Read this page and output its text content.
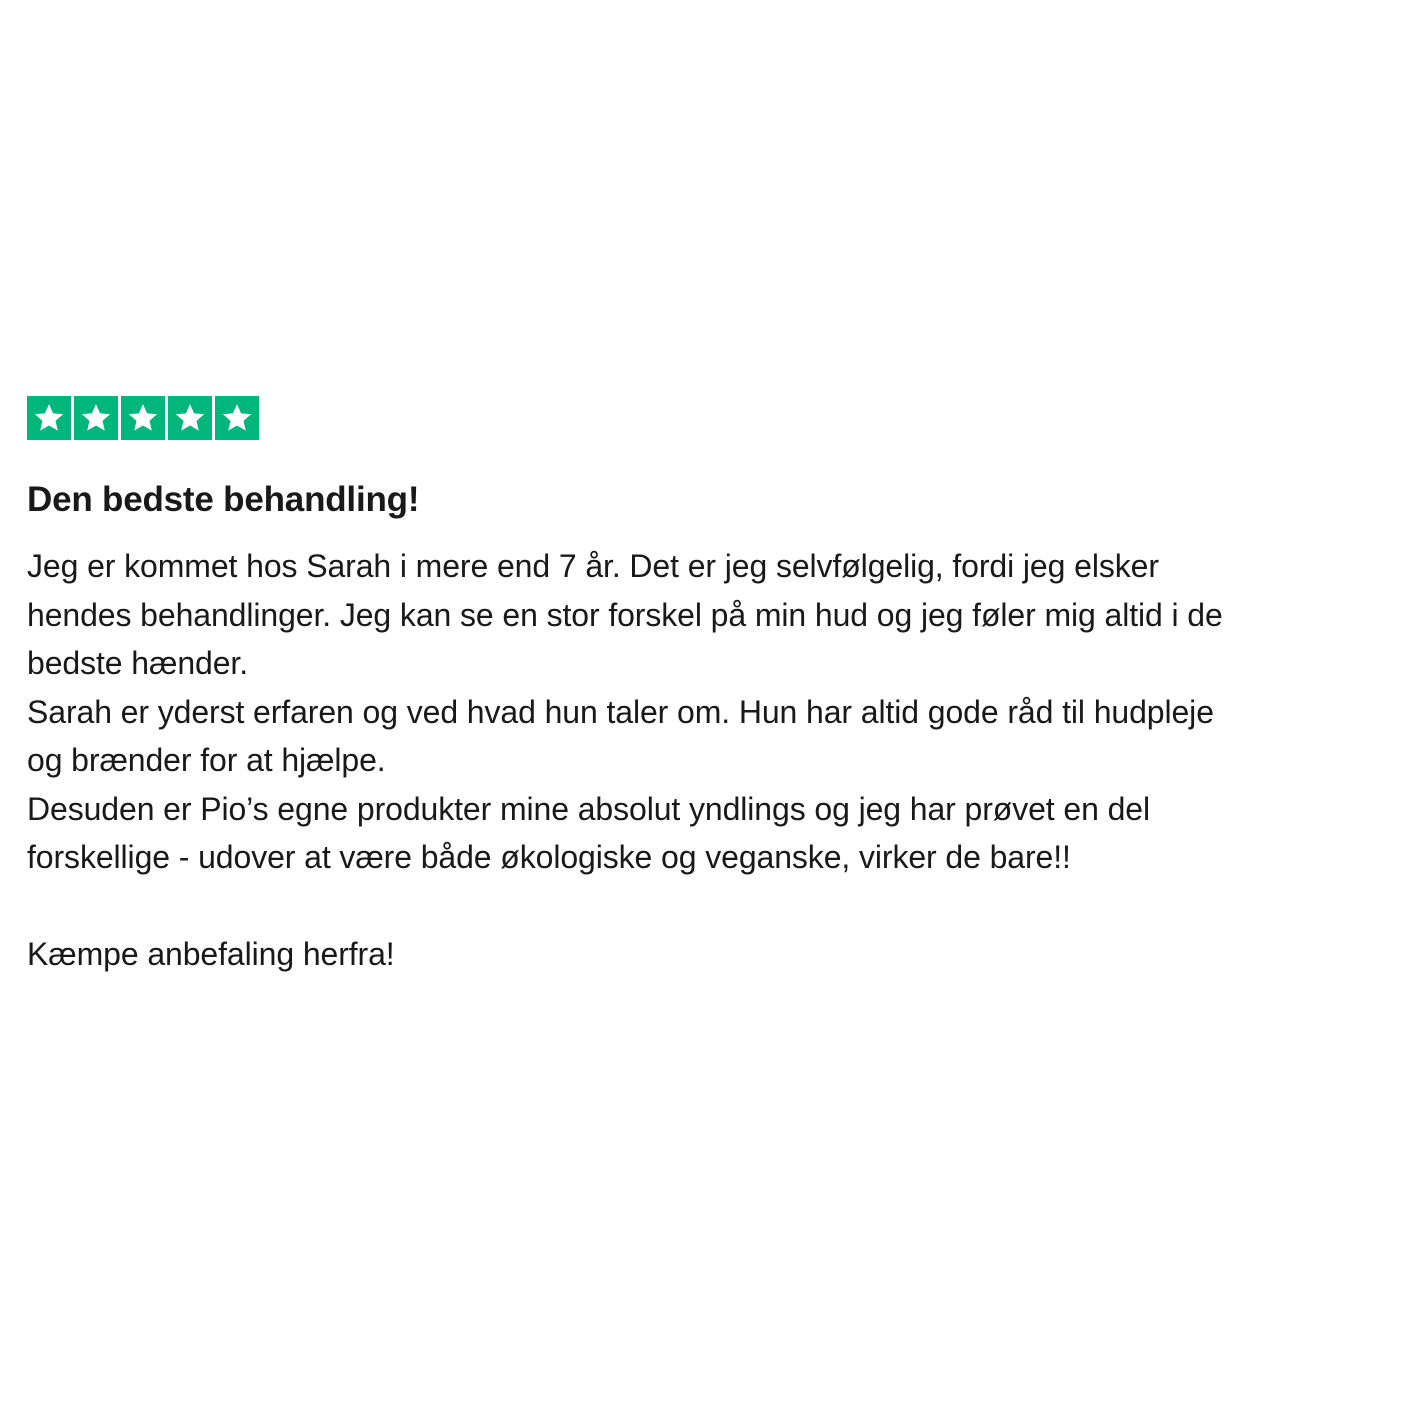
Den bedste behandling!

Jeg er kommet hos Sarah i mere end 7 år. Det er jeg selvfølgelig, fordi jeg elsker
hendes behandlinger. Jeg kan se en stor forskel på min hud og jeg føler mig altid i de
bedste hænder.

Sarah er yderst erfaren og ved hvad hun taler om. Hun har altid gode råd til hudpleje
og brænder for at hjælpe.

Desuden er Pio’s egne produkter mine absolut yndlings og jeg har prøvet en del
forskellige - udover at være både økologiske og veganske, virker de bare!!

Kæmpe anbefaling herfra!
